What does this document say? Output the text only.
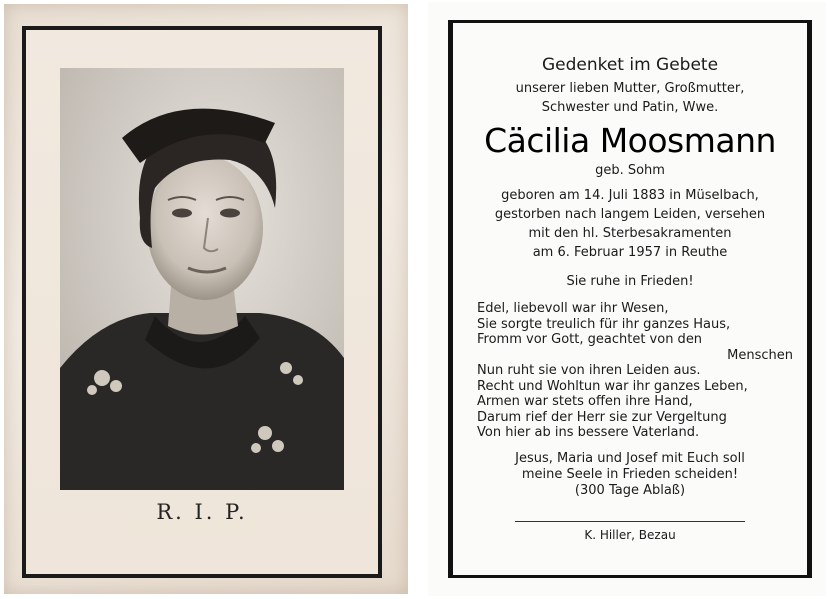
R. I. P.
Gedenket im Gebete
unserer lieben Mutter, Großmutter,
Schwester und Patin, Wwe.
Cäcilia Moosmann
geb. Sohm
geboren am 14. Juli 1883 in Müselbach,
gestorben nach langem Leiden, versehen
mit den hl. Sterbesakramenten
am 6. Februar 1957 in Reuthe
Sie ruhe in Frieden!
Edel, liebevoll war ihr Wesen,
Sie sorgte treulich für ihr ganzes Haus,
Fromm vor Gott, geachtet von den
Menschen
Nun ruht sie von ihren Leiden aus.
Recht und Wohltun war ihr ganzes Leben,
Armen war stets offen ihre Hand,
Darum rief der Herr sie zur Vergeltung
Von hier ab ins bessere Vaterland.
Jesus, Maria und Josef mit Euch soll
meine Seele in Frieden scheiden!
(300 Tage Ablaß)
K. Hiller, Bezau
